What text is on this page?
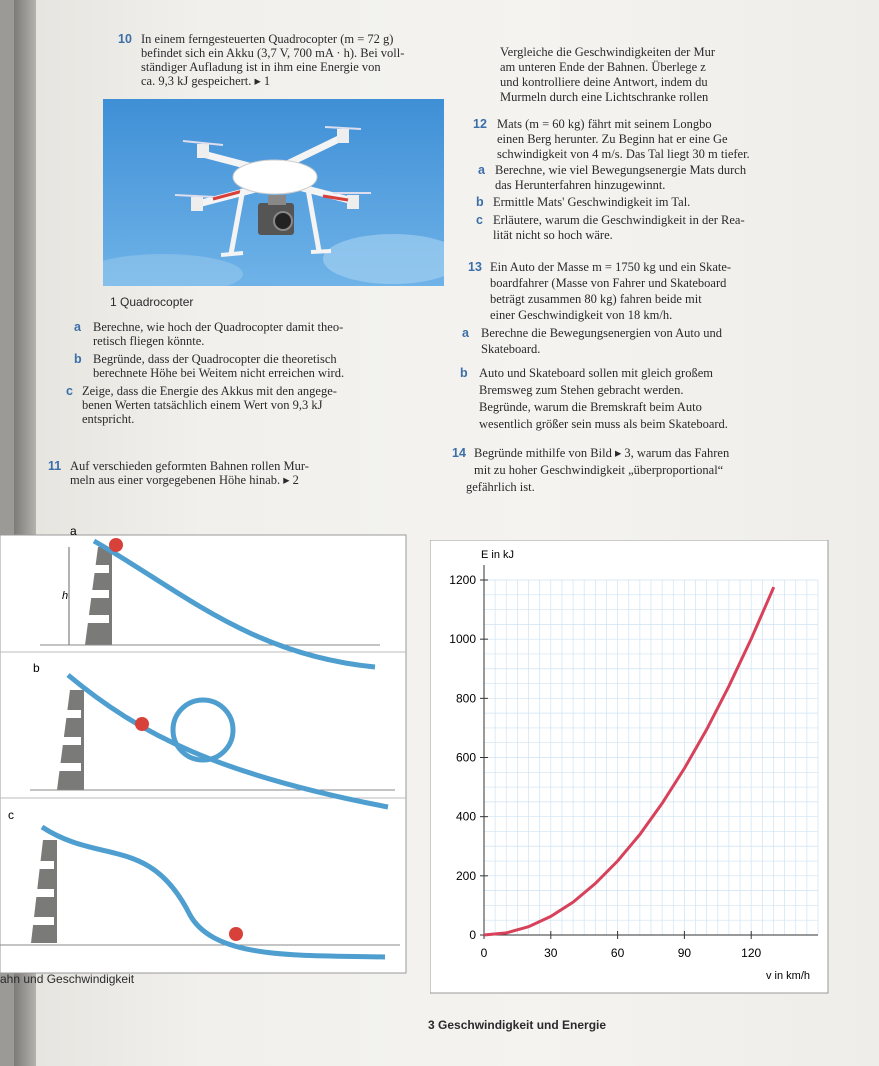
10 In einem ferngesteuerten Quadrocopter (m = 72 g)
befindet sich ein Akku (3,7 V, 700 mA · h). Bei voll-
ständiger Aufladung ist in ihm eine Energie von
ca. 9,3 kJ gespeichert. ▸ 1
1 Quadrocopter
a Berechne, wie hoch der Quadrocopter damit theo-
retisch fliegen könnte.
b Begründe, dass der Quadrocopter die theoretisch
berechnete Höhe bei Weitem nicht erreichen wird.
c Zeige, dass die Energie des Akkus mit den angege-
benen Werten tatsächlich einem Wert von 9,3 kJ
entspricht.
11 Auf verschieden geformten Bahnen rollen Mur-
meln aus einer vorgegebenen Höhe hinab. ▸ 2
a
b
c
h
ahn und Geschwindigkeit
Vergleiche die Geschwindigkeiten der Mur
am unteren Ende der Bahnen. Überlege z
und kontrolliere deine Antwort, indem du
Murmeln durch eine Lichtschranke rollen
12 Mats (m = 60 kg) fährt mit seinem Longbo
einen Berg herunter. Zu Beginn hat er eine Ge
schwindigkeit von 4 m/s. Das Tal liegt 30 m tiefer.
a Berechne, wie viel Bewegungsenergie Mats durch
das Herunterfahren hinzugewinnt.
b Ermittle Mats' Geschwindigkeit im Tal.
c Erläutere, warum die Geschwindigkeit in der Rea-
lität nicht so hoch wäre.
13 Ein Auto der Masse m = 1750 kg und ein Skate-
boardfahrer (Masse von Fahrer und Skateboard
beträgt zusammen 80 kg) fahren beide mit
einer Geschwindigkeit von 18 km/h.
a Berechne die Bewegungsenergien von Auto und
Skateboard.
b Auto und Skateboard sollen mit gleich großem
Bremsweg zum Stehen gebracht werden.
Begründe, warum die Bremskraft beim Auto
wesentlich größer sein muss als beim Skateboard.
14 Begründe mithilfe von Bild ▸ 3, warum das Fahren
mit zu hoher Geschwindigkeit „überproportional“
gefährlich ist.
0
200
400
600
800
1000
1200
0	30	60	90	120
E in kJ
v in km/h
3 Geschwindigkeit und Energie
